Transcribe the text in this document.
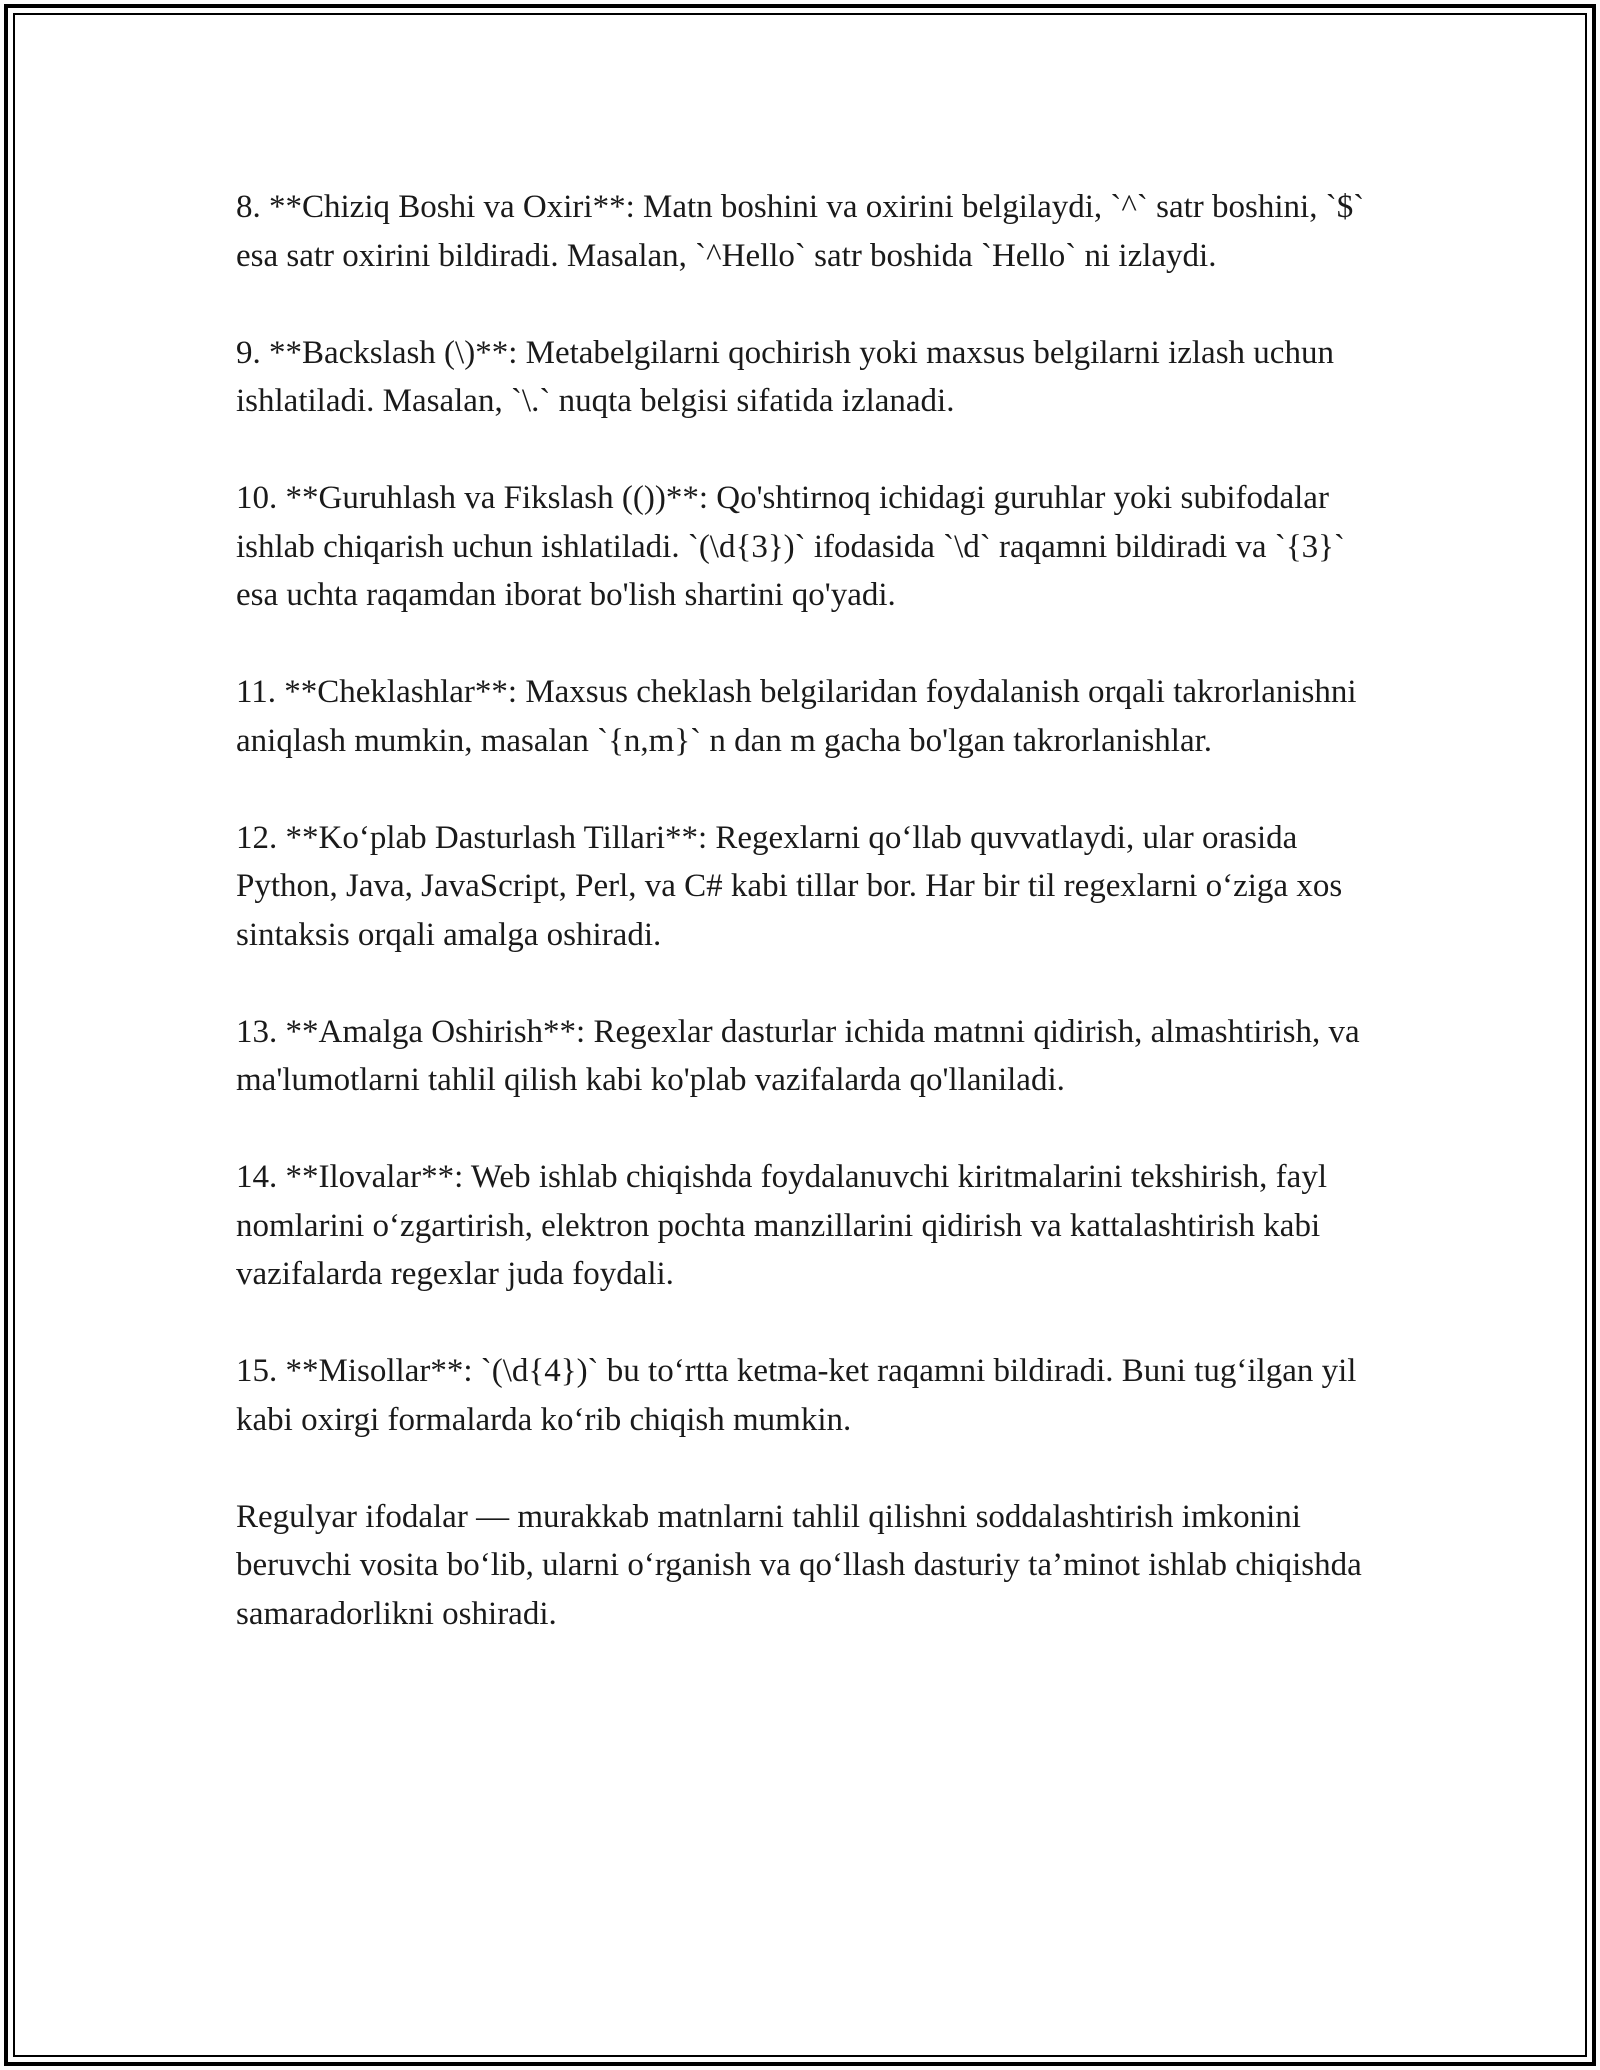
8. **Chiziq Boshi va Oxiri**: Matn boshini va oxirini belgilaydi, `^` satr boshini, `$` esa satr oxirini bildiradi. Masalan, `^Hello` satr boshida `Hello` ni izlaydi.

9. **Backslash (\)**: Metabelgilarni qochirish yoki maxsus belgilarni izlash uchun ishlatiladi. Masalan, `\.` nuqta belgisi sifatida izlanadi.

10. **Guruhlash va Fikslash (())**: Qo'shtirnoq ichidagi guruhlar yoki subifodalar ishlab chiqarish uchun ishlatiladi. `(\d{3})` ifodasida `\d` raqamni bildiradi va `{3}` esa uchta raqamdan iborat bo'lish shartini qo'yadi.

11. **Cheklashlar**: Maxsus cheklash belgilaridan foydalanish orqali takrorlanishni aniqlash mumkin, masalan `{n,m}` n dan m gacha bo'lgan takrorlanishlar.

12. **Ko‘plab Dasturlash Tillari**: Regexlarni qo‘llab quvvatlaydi, ular orasida Python, Java, JavaScript, Perl, va C# kabi tillar bor. Har bir til regexlarni o‘ziga xos sintaksis orqali amalga oshiradi.

13. **Amalga Oshirish**: Regexlar dasturlar ichida matnni qidirish, almashtirish, va ma'lumotlarni tahlil qilish kabi ko'plab vazifalarda qo'llaniladi.

14. **Ilovalar**: Web ishlab chiqishda foydalanuvchi kiritmalarini tekshirish, fayl nomlarini o‘zgartirish, elektron pochta manzillarini qidirish va kattalashtirish kabi vazifalarda regexlar juda foydali.

15. **Misollar**: `(\d{4})` bu to‘rtta ketma-ket raqamni bildiradi. Buni tug‘ilgan yil kabi oxirgi formalarda ko‘rib chiqish mumkin.

Regulyar ifodalar — murakkab matnlarni tahlil qilishni soddalashtirish imkonini beruvchi vosita bo‘lib, ularni o‘rganish va qo‘llash dasturiy ta’minot ishlab chiqishda samaradorlikni oshiradi.
